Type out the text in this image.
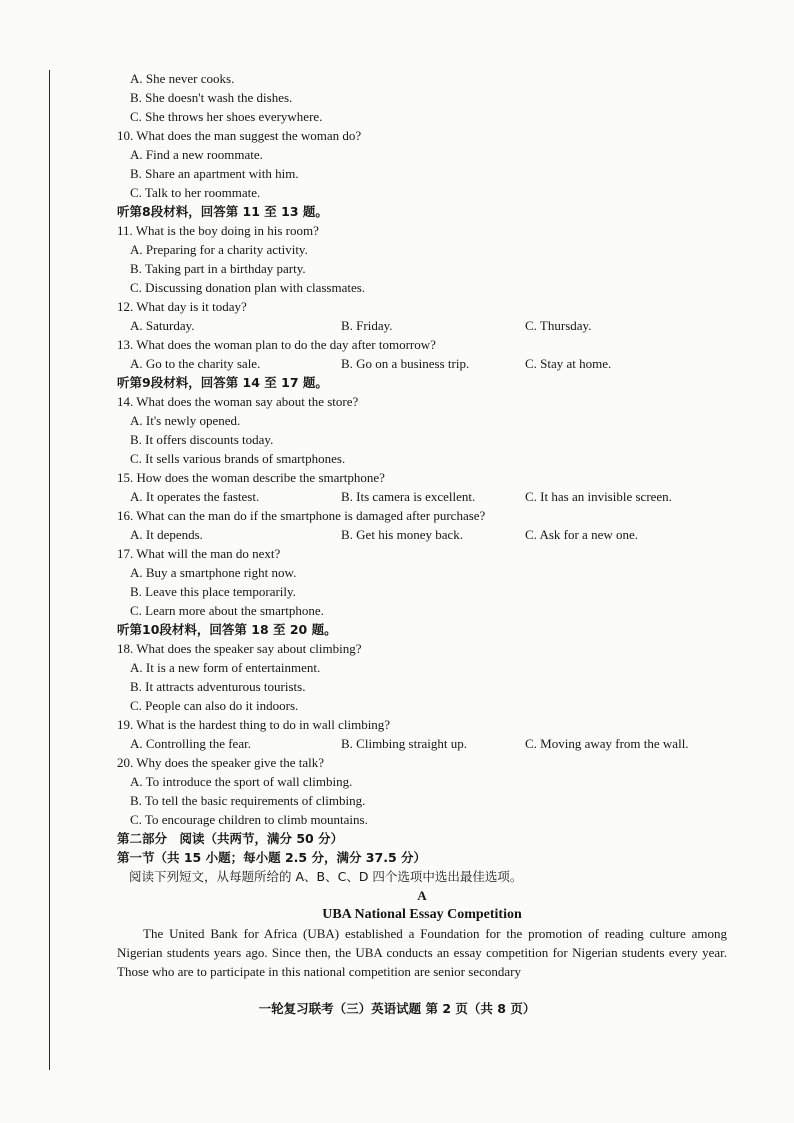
A. She never cooks.
B. She doesn't wash the dishes.
C. She throws her shoes everywhere.
10. What does the man suggest the woman do?
A. Find a new roommate.
B. Share an apartment with him.
C. Talk to her roommate.
听第8段材料，回答第 11 至 13 题。
11. What is the boy doing in his room?
A. Preparing for a charity activity.
B. Taking part in a birthday party.
C. Discussing donation plan with classmates.
12. What day is it today?
A. Saturday.	B. Friday.	C. Thursday.
13. What does the woman plan to do the day after tomorrow?
A. Go to the charity sale.	B. Go on a business trip.	C. Stay at home.
听第9段材料，回答第 14 至 17 题。
14. What does the woman say about the store?
A. It's newly opened.
B. It offers discounts today.
C. It sells various brands of smartphones.
15. How does the woman describe the smartphone?
A. It operates the fastest.	B. Its camera is excellent.	C. It has an invisible screen.
16. What can the man do if the smartphone is damaged after purchase?
A. It depends.	B. Get his money back.	C. Ask for a new one.
17. What will the man do next?
A. Buy a smartphone right now.
B. Leave this place temporarily.
C. Learn more about the smartphone.
听第10段材料，回答第 18 至 20 题。
18. What does the speaker say about climbing?
A. It is a new form of entertainment.
B. It attracts adventurous tourists.
C. People can also do it indoors.
19. What is the hardest thing to do in wall climbing?
A. Controlling the fear.	B. Climbing straight up.	C. Moving away from the wall.
20. Why does the speaker give the talk?
A. To introduce the sport of wall climbing.
B. To tell the basic requirements of climbing.
C. To encourage children to climb mountains.
第二部分　阅读（共两节，满分 50 分）
第一节（共 15 小题；每小题 2.5 分，满分 37.5 分）
阅读下列短文，从每题所给的 A、B、C、D 四个选项中选出最佳选项。
A
UBA National Essay Competition
The United Bank for Africa (UBA) established a Foundation for the promotion of reading culture among Nigerian students years ago. Since then, the UBA conducts an essay competition for Nigerian students every year. Those who are to participate in this national competition are senior secondary
一轮复习联考（三）英语试题 第 2 页（共 8 页）
